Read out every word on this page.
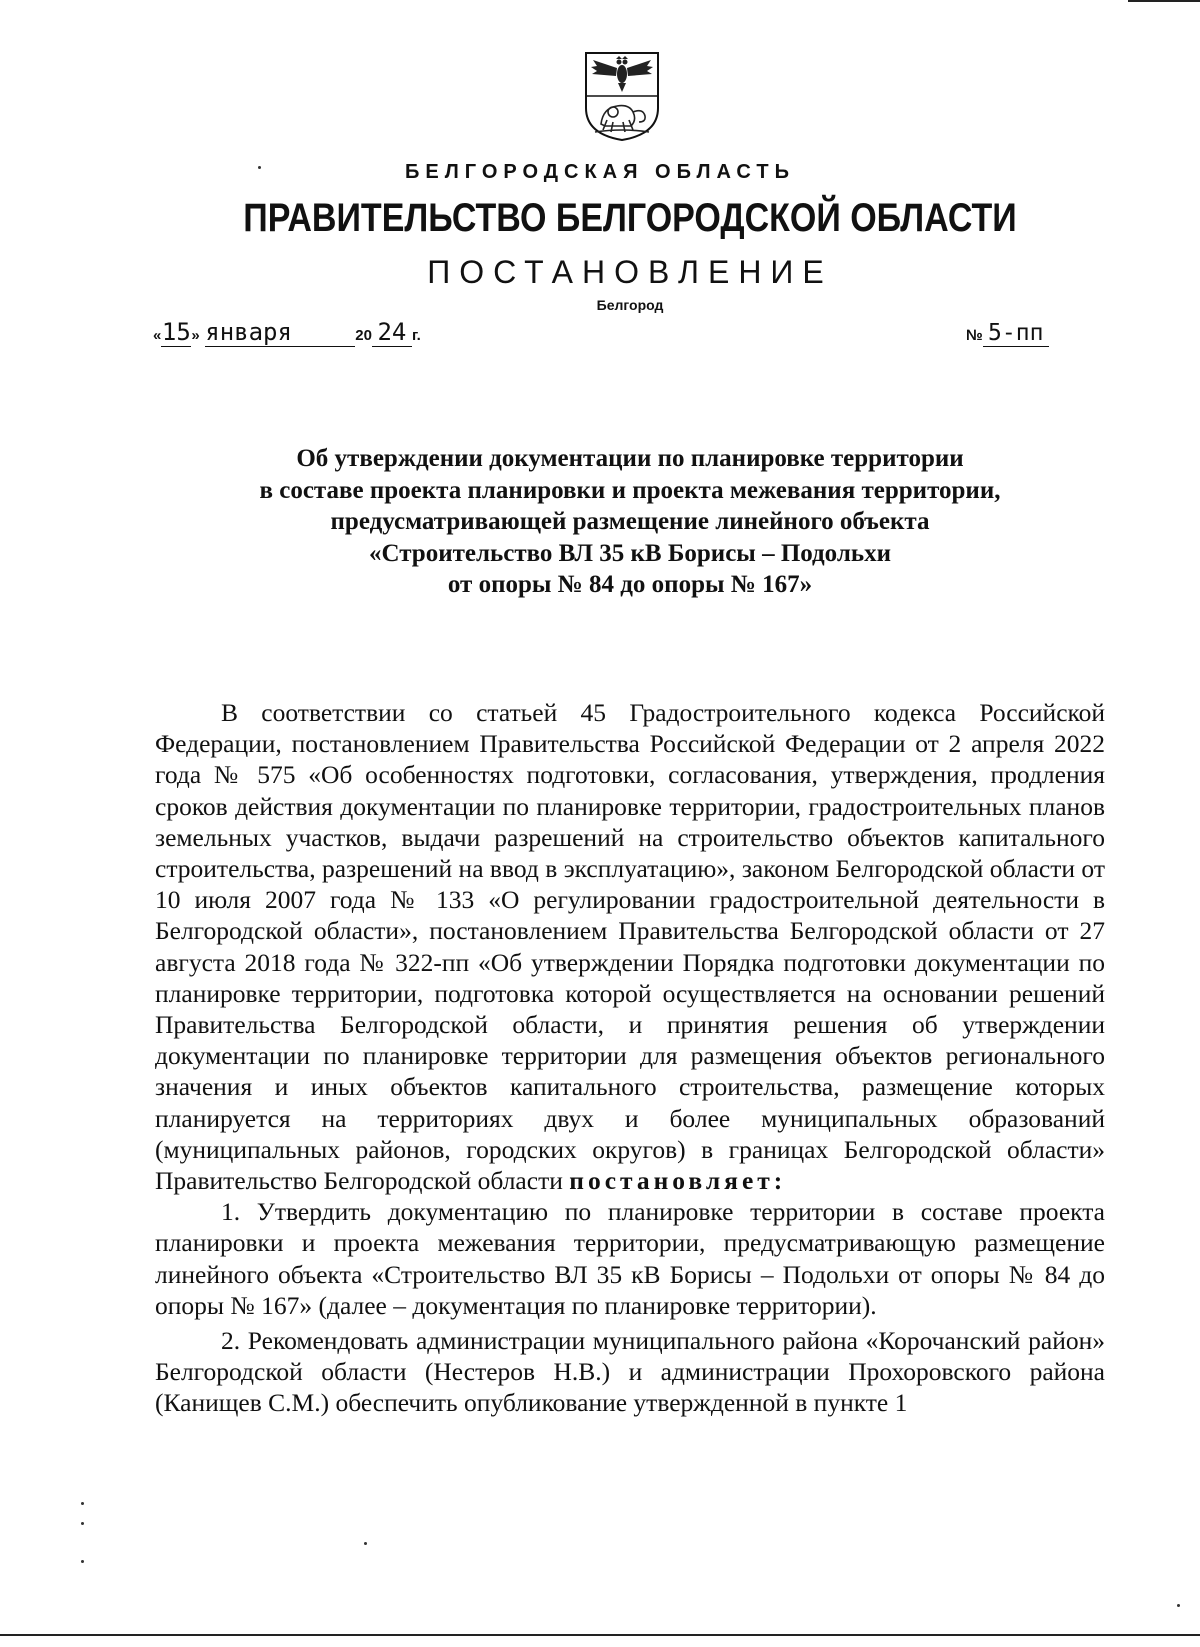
БЕЛГОРОДСКАЯ ОБЛАСТЬ
ПРАВИТЕЛЬСТВО БЕЛГОРОДСКОЙ ОБЛАСТИ
ПОСТАНОВЛЕНИЕ
Белгород
«15» января	20 24 г.	№ 5-пп
Об утверждении документации по планировке территории
в составе проекта планировки и проекта межевания территории,
предусматривающей размещение линейного объекта
«Строительство ВЛ 35 кВ Борисы – Подольхи
от опоры № 84 до опоры № 167»

В соответствии со статьей 45 Градостроительного кодекса Российской Федерации, постановлением Правительства Российской Федерации от 2 апреля 2022 года № 575 «Об особенностях подготовки, согласования, утверждения, продления сроков действия документации по планировке территории, градостроительных планов земельных участков, выдачи разрешений на строительство объектов капитального строительства, разрешений на ввод в эксплуатацию», законом Белгородской области от 10 июля 2007 года № 133 «О регулировании градостроительной деятельности в Белгородской области», постановлением Правительства Белгородской области от 27 августа 2018 года № 322-пп «Об утверждении Порядка подготовки документации по планировке территории, подготовка которой осуществляется на основании решений Правительства Белгородской области, и принятия решения об утверждении документации по планировке территории для размещения объектов регионального значения и иных объектов капитального строительства, размещение которых планируется на территориях двух и более муниципальных образований (муниципальных районов, городских округов) в границах Белгородской области» Правительство Белгородской области постановляет:

1. Утвердить документацию по планировке территории в составе проекта планировки и проекта межевания территории, предусматривающую размещение линейного объекта «Строительство ВЛ 35 кВ Борисы – Подольхи от опоры № 84 до опоры № 167» (далее – документация по планировке территории).

2. Рекомендовать администрации муниципального района «Корочанский район» Белгородской области (Нестеров Н.В.) и администрации Прохоровского района (Канищев С.М.) обеспечить опубликование утвержденной в пункте 1
